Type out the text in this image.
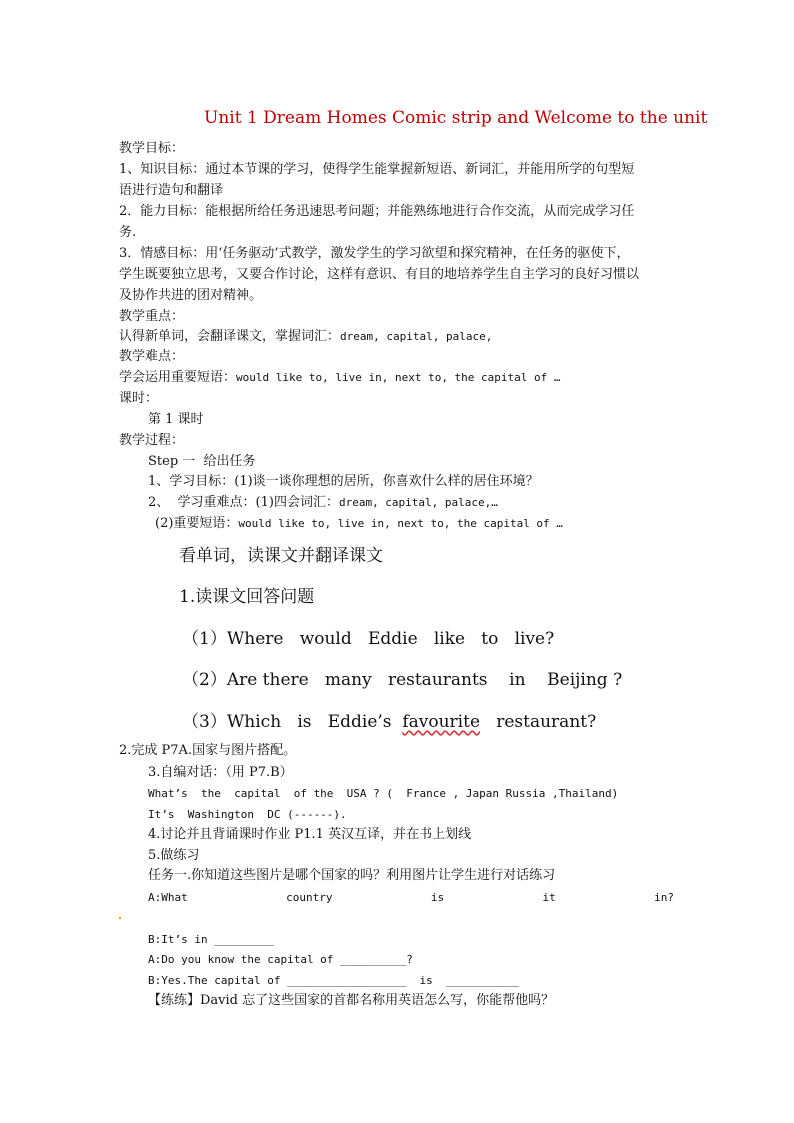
Unit 1 Dream Homes Comic strip and Welcome to the unit
教学目标：
1、知识目标：通过本节课的学习，使得学生能掌握新短语、新词汇，并能用所学的句型短
语进行造句和翻译
2．能力目标：能根据所给任务迅速思考问题；并能熟练地进行合作交流，从而完成学习任
务.
3．情感目标：用‘任务驱动’式教学，激发学生的学习欲望和探究精神，在任务的驱使下，
学生既要独立思考，又要合作讨论，这样有意识、有目的地培养学生自主学习的良好习惯以
及协作共进的团对精神。
教学重点：
认得新单词，会翻译课文，掌握词汇：dream, capital, palace,
教学难点：
学会运用重要短语：would like to, live in, next to, the capital of …
课时：
第 1 课时
教学过程：
Step 一  给出任务
1、学习目标：(1)谈一谈你理想的居所，你喜欢什么样的居住环境？
2、  学习重难点：(1)四会词汇：dream, capital, palace,…
(2)重要短语：would like to, live in, next to, the capital of …
看单词，读课文并翻译课文
1.读课文回答问题
（1）Where   would   Eddie   like   to   live?
（2）Are there   many   restaurants    in    Beijing ?
（3）Which   is   Eddie’s  favourite   restaurant?
2.完成 P7A.国家与图片搭配。
3.自编对话：（用 P7.B）
What’s  the  capital  of the  USA ? (  France , Japan Russia ,Thailand)
It’s  Washington  DC (------).
4.讨论并且背诵课时作业 P1.1 英汉互译，并在书上划线
5.做练习
任务一.你知道这些图片是哪个国家的吗？利用图片让学生进行对话练习
A:What	country	is	it	in?
B:It’s in _________
A:Do you know the capital of __________?
B:Yes.The capital of __________________  is  ___________
【练练】David 忘了这些国家的首都名称用英语怎么写，你能帮他吗？
